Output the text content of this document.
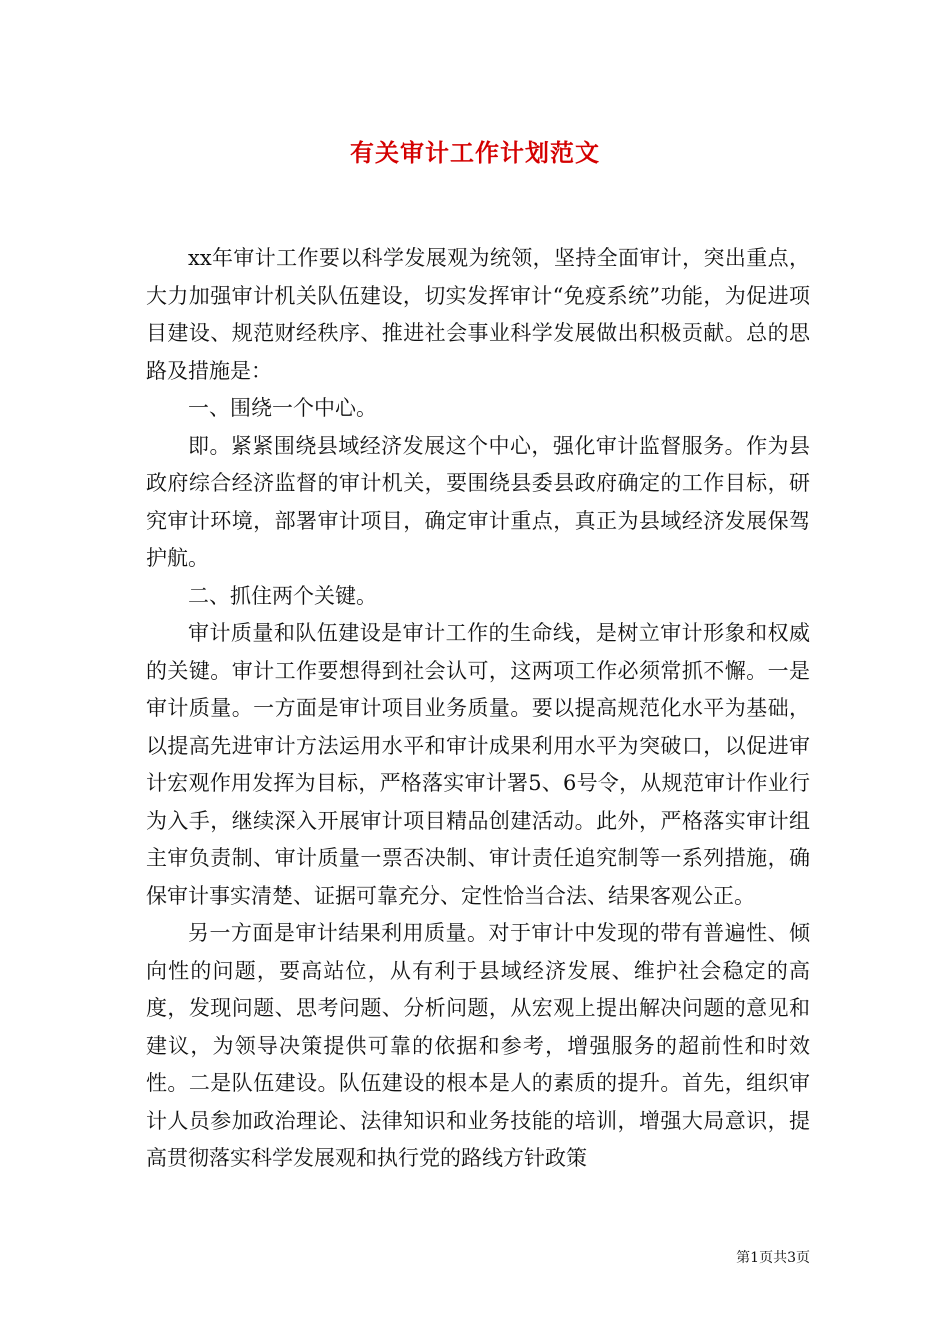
有关审计工作计划范文

xx年审计工作要以科学发展观为统领，坚持全面审计，突出重点，大力加强审计机关队伍建设，切实发挥审计“免疫系统”功能，为促进项目建设、规范财经秩序、推进社会事业科学发展做出积极贡献。总的思路及措施是：

一、围绕一个中心。

即。紧紧围绕县域经济发展这个中心，强化审计监督服务。作为县政府综合经济监督的审计机关，要围绕县委县政府确定的工作目标，研究审计环境，部署审计项目，确定审计重点，真正为县域经济发展保驾护航。

二、抓住两个关键。

审计质量和队伍建设是审计工作的生命线，是树立审计形象和权威的关键。审计工作要想得到社会认可，这两项工作必须常抓不懈。一是审计质量。一方面是审计项目业务质量。要以提高规范化水平为基础，以提高先进审计方法运用水平和审计成果利用水平为突破口，以促进审计宏观作用发挥为目标，严格落实审计署5、6号令，从规范审计作业行为入手，继续深入开展审计项目精品创建活动。此外，严格落实审计组主审负责制、审计质量一票否决制、审计责任追究制等一系列措施，确保审计事实清楚、证据可靠充分、定性恰当合法、结果客观公正。

另一方面是审计结果利用质量。对于审计中发现的带有普遍性、倾向性的问题，要高站位，从有利于县域经济发展、维护社会稳定的高度，发现问题、思考问题、分析问题，从宏观上提出解决问题的意见和建议，为领导决策提供可靠的依据和参考，增强服务的超前性和时效性。二是队伍建设。队伍建设的根本是人的素质的提升。首先，组织审计人员参加政治理论、法律知识和业务技能的培训，增强大局意识，提高贯彻落实科学发展观和执行党的路线方针政策

第1页共3页
